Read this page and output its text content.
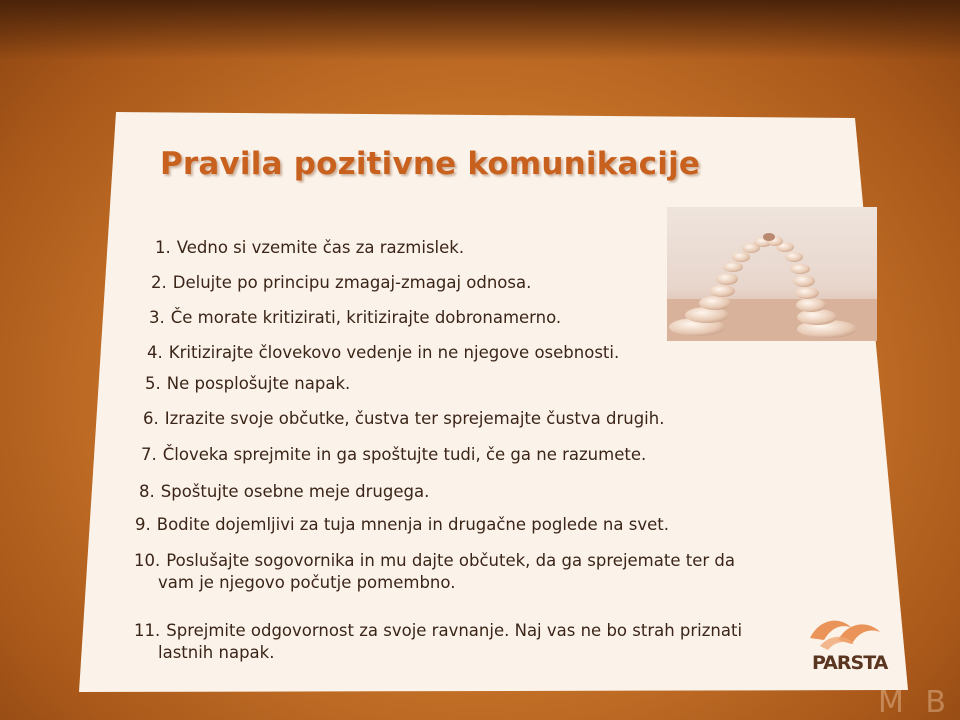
Pravila pozitivne komunikacije
1. Vedno si vzemite čas za razmislek.
2. Delujte po principu zmagaj-zmagaj odnosa.
3. Če morate kritizirati, kritizirajte dobronamerno.
4. Kritizirajte človekovo vedenje in ne njegove osebnosti.
5. Ne posplošujte napak.
6. Izrazite svoje občutke, čustva ter sprejemajte čustva drugih.
7. Človeka sprejmite in ga spoštujte tudi, če ga ne razumete.
8. Spoštujte osebne meje drugega.
9. Bodite dojemljivi za tuja mnenja in drugačne poglede na svet.
10. Poslušajte sogovornika in mu dajte občutek, da ga sprejemate ter da
vam je njegovo počutje pomembno.
11. Sprejmite odgovornost za svoje ravnanje. Naj vas ne bo strah priznati
lastnih napak.	PARSTA
M B
